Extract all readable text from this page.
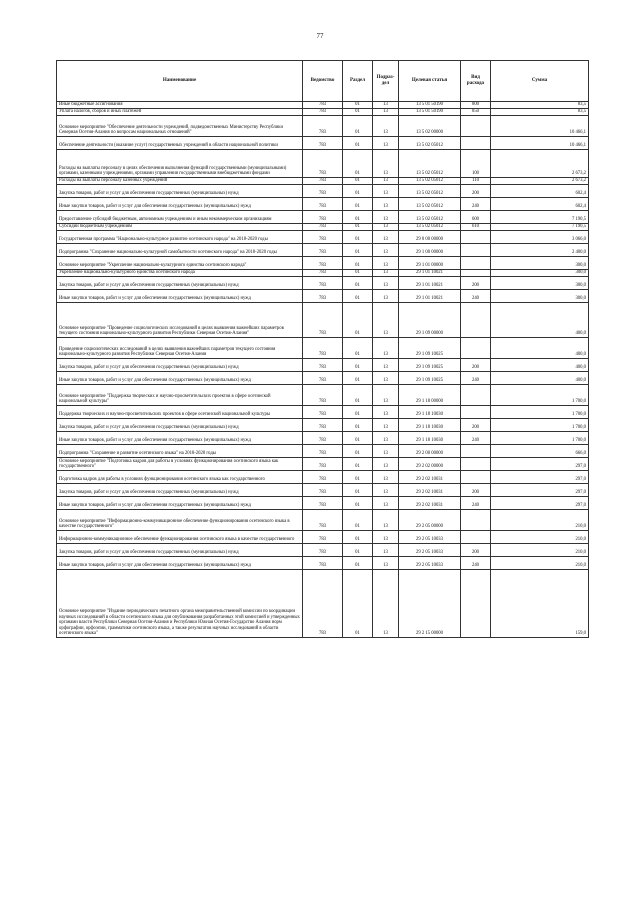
77
Наименование	Ведомство	Раздел	Подраз-дел	Целевая статья	Вид расхода	Сумма
Иные бюджетные ассигнования	783	01	13	13 5 01 50190	800	83,5
Уплата налогов, сборов и иных платежей	783	01	13	13 5 01 50190	850	83,5
Основное мероприятие "Обеспечение деятельности учреждений, подведомственных Министерству Республики Северная Осетия-Алания по вопросам национальных отношений"	783	01	13	13 5 02 00000		10 466,1
Обеспечение деятельности (оказание услуг) государственных учреждений в области национальной политики	783	01	13	13 5 02 05012		10 466,1
Расходы на выплаты персоналу в целях обеспечения выполнения функций государственными (муниципальными) органами, казенными учреждениями, органами управления государственными внебюджетными фондами	783	01	13	13 5 02 05012	100	2 673,2
Расходы на выплаты персоналу казенных учреждений	783	01	13	13 5 02 05012	110	2 673,2
Закупка товаров, работ и услуг для обеспечения государственных (муниципальных) нужд	783	01	13	13 5 02 05012	200	602,4
Иные закупки товаров, работ и услуг для обеспечения государственных (муниципальных) нужд	783	01	13	13 5 02 05012	240	602,4
Предоставление субсидий бюджетным, автономным учреждениям и иным некоммерческим организациям	783	01	13	13 5 02 05012	600	7 190,5
Субсидии бюджетным учреждениям	783	01	13	13 5 02 05012	610	7 190,5
Государственная программа "Национально-культурное развитие осетинского народа" на 2018-2020 годы	783	01	13	29 0 00 00000		3 066,0
Подпрограмма "Сохранение национально-культурной самобытности осетинского народа" на 2018-2020 годы	783	01	13	29 1 00 00000		2 400,0
Основное мероприятие "Укрепление национально-культурного единства осетинского народа"	783	01	13	29 1 01 00000		300,0
Укрепление национально-культурного единства осетинского народа	783	01	13	29 1 01 10021		300,0
Закупка товаров, работ и услуг для обеспечения государственных (муниципальных) нужд	783	01	13	29 1 01 10021	200	300,0
Иные закупки товаров, работ и услуг для обеспечения государственных (муниципальных) нужд	783	01	13	29 1 01 10021	240	300,0
Основное мероприятие "Проведение социологических исследований в целях выявления важнейших параметров текущего состояния национально-культурного развития Республики Северная Осетия-Алания"	783	01	13	29 1 09 00000		400,0
Проведение социологических исследований в целях выявления важнейших параметров текущего состояния национально-культурного развития Республики Северная Осетия-Алания	783	01	13	29 1 09 10025		400,0
Закупка товаров, работ и услуг для обеспечения государственных (муниципальных) нужд	783	01	13	29 1 09 10025	200	400,0
Иные закупки товаров, работ и услуг для обеспечения государственных (муниципальных) нужд	783	01	13	29 1 09 10025	240	400,0
Основное мероприятие "Поддержка творческих и научно-просветительских проектов в сфере осетинской национальной культуры"	783	01	13	29 1 18 00000		1 700,0
Поддержка творческих и научно-просветительских проектов в сфере осетинской национальной культуры	783	01	13	29 1 18 10030		1 700,0
Закупка товаров, работ и услуг для обеспечения государственных (муниципальных) нужд	783	01	13	29 1 18 10030	200	1 700,0
Иные закупки товаров, работ и услуг для обеспечения государственных (муниципальных) нужд	783	01	13	29 1 18 10030	240	1 700,0
Подпрограмма "Сохранение и развитие осетинского языка" на 2018-2020 годы	783	01	13	29 2 00 00000		666,0
Основное мероприятие "Подготовка кадров для работы в условиях функционирования осетинского языка как государственного"	783	01	13	29 2 02 00000		297,0
Подготовка кадров для работы в условиях функционирования осетинского языка как государственного	783	01	13	29 2 02 10031		297,0
Закупка товаров, работ и услуг для обеспечения государственных (муниципальных) нужд	783	01	13	29 2 02 10031	200	297,0
Иные закупки товаров, работ и услуг для обеспечения государственных (муниципальных) нужд	783	01	13	29 2 02 10031	240	297,0
Основное мероприятие "Информационно-коммуникационное обеспечение функционирования осетинского языка в качестве государственного"	783	01	13	29 2 05 00000		210,0
Информационно-коммуникационное обеспечение функционирования осетинского языка в качестве государственного	783	01	13	29 2 05 10033		210,0
Закупка товаров, работ и услуг для обеспечения государственных (муниципальных) нужд	783	01	13	29 2 05 10033	200	210,0
Иные закупки товаров, работ и услуг для обеспечения государственных (муниципальных) нужд	783	01	13	29 2 05 10033	240	210,0
Основное мероприятие "Издание периодического печатного органа межправительственной комиссии по координации научных исследований в области осетинского языка для опубликования разработанных этой комиссией и утвержденных органами власти Республики Северная Осетия-Алания и Республики Южная Осетия-Государство Алания норм орфографии, орфоэпии, грамматики осетинского языка, а также результатов научных исследований в области осетинского языка"	783	01	13	29 2 15 00000		159,0
